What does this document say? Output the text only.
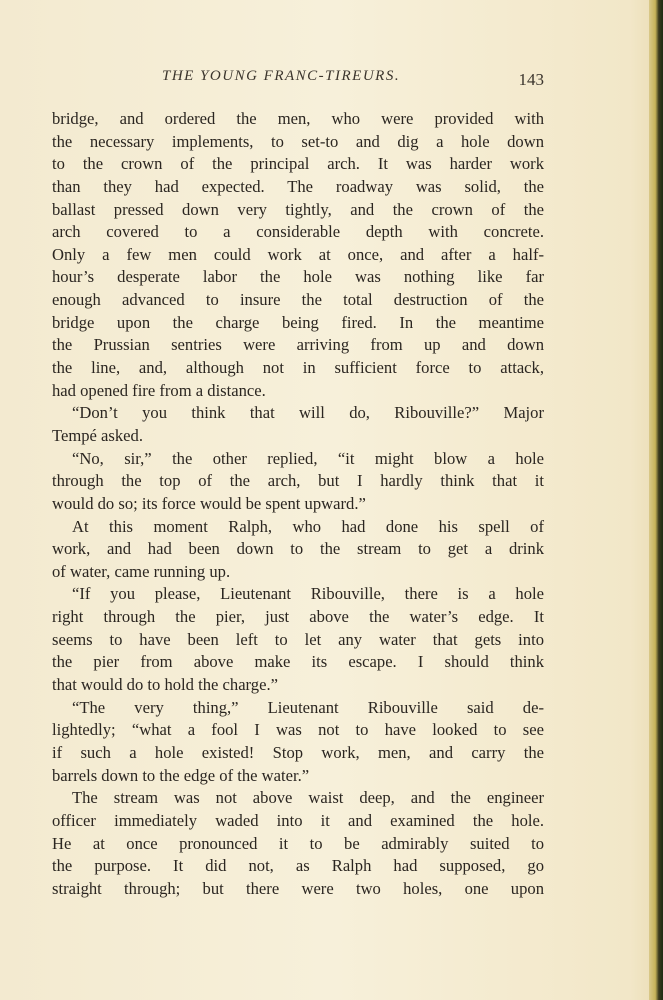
THE YOUNG FRANC-TIREURS.	143
bridge, and ordered the men, who were provided with
the necessary implements, to set-to and dig a hole down
to the crown of the principal arch. It was harder work
than they had expected. The roadway was solid, the
ballast pressed down very tightly, and the crown of the
arch covered to a considerable depth with concrete.
Only a few men could work at once, and after a half-
hour’s desperate labor the hole was nothing like far
enough advanced to insure the total destruction of the
bridge upon the charge being fired. In the meantime
the Prussian sentries were arriving from up and down
the line, and, although not in sufficient force to attack,
had opened fire from a distance.
“Don’t you think that will do, Ribouville?” Major
Tempé asked.
“No, sir,” the other replied, “it might blow a hole
through the top of the arch, but I hardly think that it
would do so; its force would be spent upward.”
At this moment Ralph, who had done his spell of
work, and had been down to the stream to get a drink
of water, came running up.
“If you please, Lieutenant Ribouville, there is a hole
right through the pier, just above the water’s edge. It
seems to have been left to let any water that gets into
the pier from above make its escape. I should think
that would do to hold the charge.”
“The very thing,” Lieutenant Ribouville said de-
lightedly; “what a fool I was not to have looked to see
if such a hole existed! Stop work, men, and carry the
barrels down to the edge of the water.”
The stream was not above waist deep, and the engineer
officer immediately waded into it and examined the hole.
He at once pronounced it to be admirably suited to
the purpose. It did not, as Ralph had supposed, go
straight through; but there were two holes, one upon
